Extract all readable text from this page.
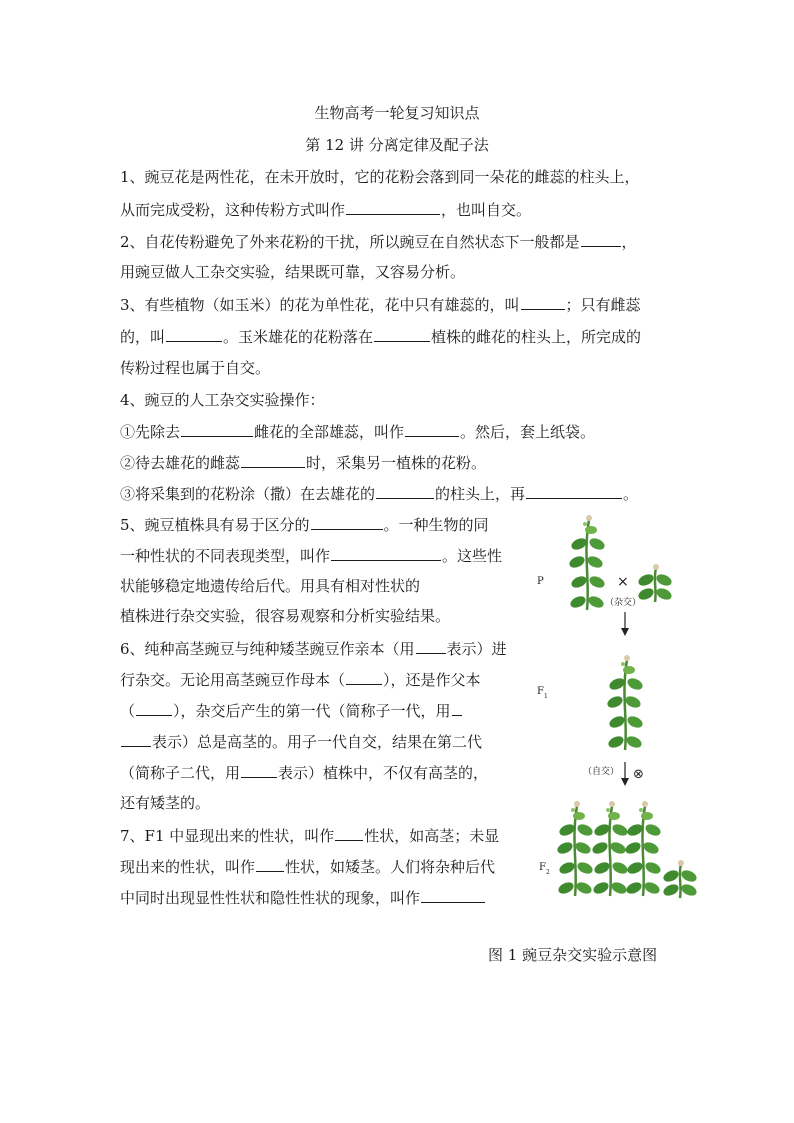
生物高考一轮复习知识点
第 12 讲 分离定律及配子法
1、豌豆花是两性花，在未开放时，它的花粉会落到同一朵花的雌蕊的柱头上，
从而完成受粉，这种传粉方式叫作	，也叫自交。
2、自花传粉避免了外来花粉的干扰，所以豌豆在自然状态下一般都是	，
用豌豆做人工杂交实验，结果既可靠，又容易分析。
3、有些植物（如玉米）的花为单性花，花中只有雄蕊的，叫	；只有雌蕊
的，叫	。玉米雄花的花粉落在	植株的雌花的柱头上，所完成的
传粉过程也属于自交。
4、豌豆的人工杂交实验操作：
①先除去	雌花的全部雄蕊，叫作	。然后，套上纸袋。
②待去雄花的雌蕊	时，采集另一植株的花粉。
③将采集到的花粉涂（撒）在去雄花的	的柱头上，再	。
5、豌豆植株具有易于区分的	。一种生物的同
一种性状的不同表现类型，叫作	。这些性
状能够稳定地遗传给后代。用具有相对性状的
植株进行杂交实验，很容易观察和分析实验结果。
6、纯种高茎豌豆与纯种矮茎豌豆作亲本（用 表示）进
行杂交。无论用高茎豌豆作母本（	），还是作父本
（	），杂交后产生的第一代（简称子一代，用
表示）总是高茎的。用子一代自交，结果在第二代
（简称子二代，用	表示）植株中，不仅有高茎的，
还有矮茎的。
7、F1 中显现出来的性状，叫作 性状，如高茎；未显
现出来的性状，叫作 性状，如矮茎。人们将杂种后代
中同时出现显性性状和隐性性状的现象，叫作
P	×
（杂交）
F 1
（自交） ⊗
F 2
图 1 豌豆杂交实验示意图
